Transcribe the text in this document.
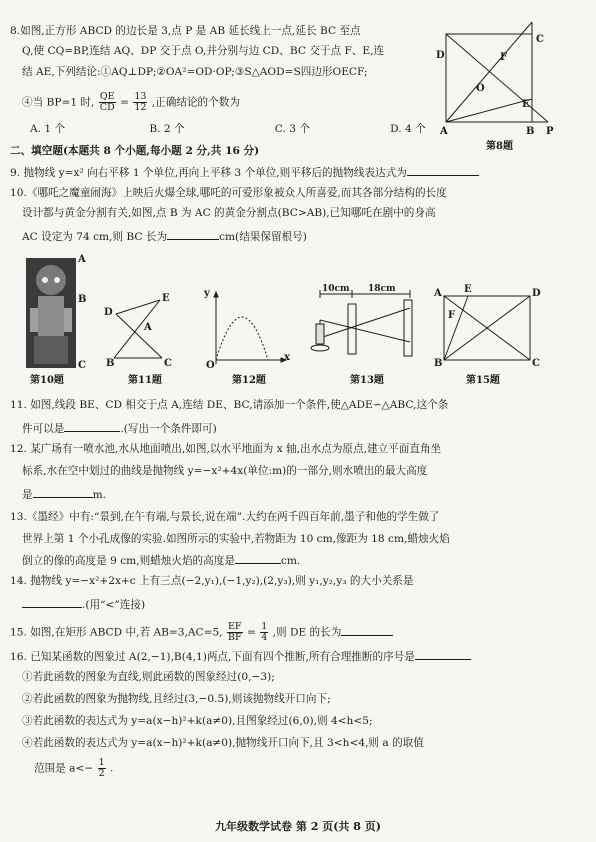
8.如图,正方形 ABCD 的边长是 3,点 P 是 AB 延长线上一点,延长 BC 至点
Q,使 CQ=BP,连结 AQ、DP 交于点 O,并分别与边 CD、BC 交于点 F、E,连
结 AE,下列结论:①AQ⊥DP;②OA²=OD·OP;③S△AOD=S四边形OECF;
④当 BP=1 时, $\frac{QE}{CD} = \frac{13}{12}$ ,正确结论的个数为
A. 1 个	B. 2 个	C. 3 个	D. 4 个
D
C
F
O
E
A	B P
第8题
二、填空题(本题共 8 个小题,每小题 2 分,共 16 分)
9. 抛物线 y=x² 向右平移 1 个单位,再向上平移 3 个单位,则平移后的抛物线表达式为
10.《哪吒之魔童闹海》上映后火爆全球,哪吒的可爱形象被众人所喜爱,而其各部分结构的长度
设计都与黄金分割有关,如图,点 B 为 AC 的黄金分割点(BC>AB),已知哪吒在剧中的身高
AC 设定为 74 cm,则 BC 长为	cm(结果保留根号)
A
B
C
第10题
D
E
A
B	C
第11题
y
O
x
第12题
10cm 18cm
第13题
A E	D
F
B	C
第15题
11. 如图,线段 BE、CD 相交于点 A,连结 DE、BC,请添加一个条件,使△ADE∽△ABC,这个条
件可以是	.(写出一个条件即可)
12. 某广场有一喷水池,水从地面喷出,如图,以水平地面为 x 轴,出水点为原点,建立平面直角坐
标系,水在空中划过的曲线是抛物线 y=−x²+4x(单位:m)的一部分,则水喷出的最大高度
是	m.
13.《墨经》中有:“景到,在午有端,与景长,说在端”.大约在两千四百年前,墨子和他的学生做了
世界上第 1 个小孔成像的实验.如图所示的实验中,若物距为 10 cm,像距为 18 cm,蜡烛火焰
倒立的像的高度是 9 cm,则蜡烛火焰的高度是	cm.
14. 抛物线 y=−x²+2x+c 上有三点(−2,y₁),(−1,y₂),(2,y₃),则 y₁,y₂,y₃ 的大小关系是
.(用“<”连接)
15. 如图,在矩形 ABCD 中,若 AB=3,AC=5, $\frac{EF}{BF} = \frac{1}{4}$ ,则 DE 的长为
16. 已知某函数的图象过 A(2,−1),B(4,1)两点,下面有四个推断,所有合理推断的序号是
①若此函数的图象为直线,则此函数的图象经过(0,−3);
②若此函数的图象为抛物线,且经过(3,−0.5),则该抛物线开口向下;
③若此函数的表达式为 y=a(x−h)²+k(a≠0),且图象经过(6,0),则 4<h<5;
④若此函数的表达式为 y=a(x−h)²+k(a≠0),抛物线开口向下,且 3<h<4,则 a 的取值
范围是 $a<- \frac{1}{2}$ .
九年级数学试卷 第 2 页(共 8 页)
